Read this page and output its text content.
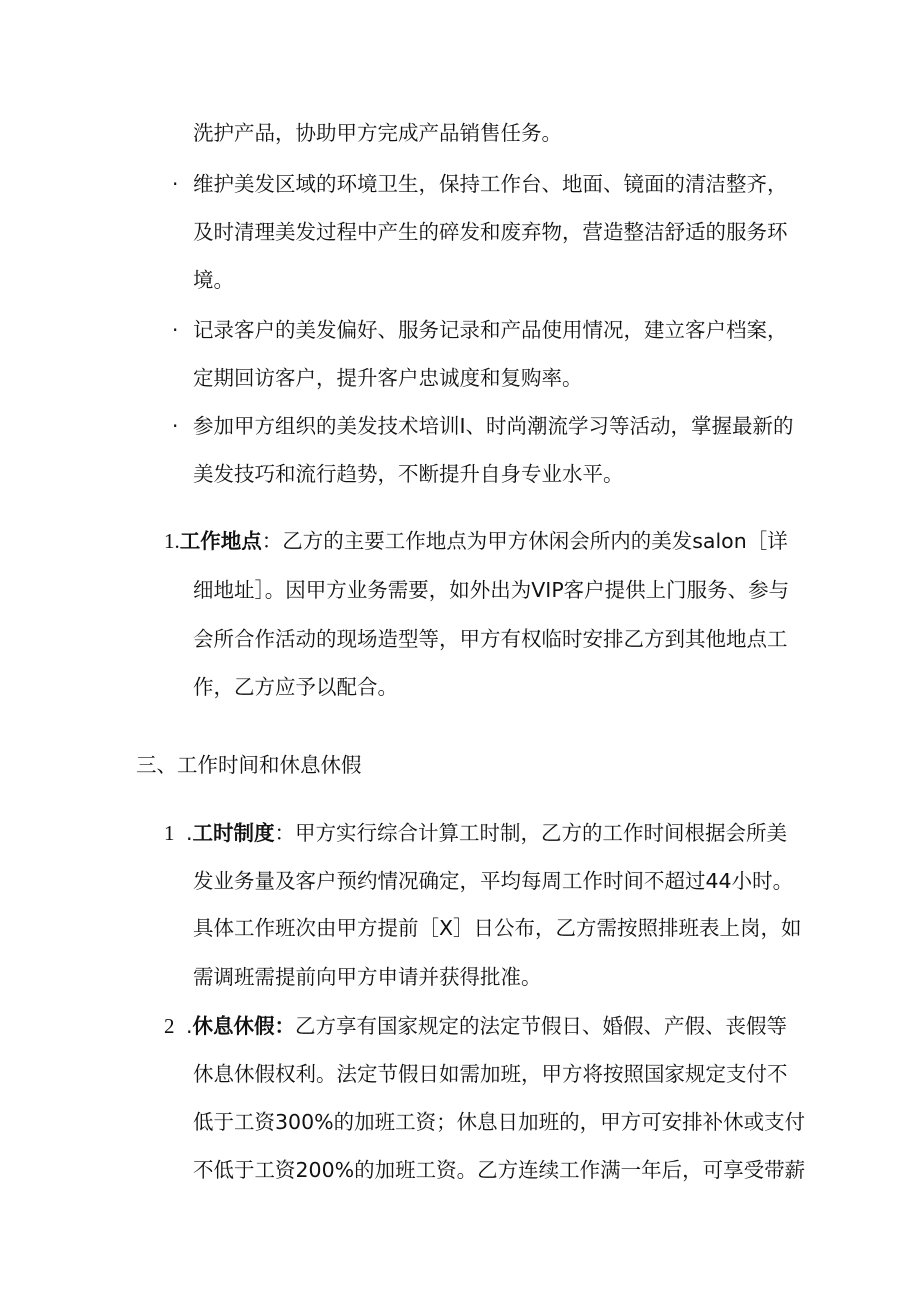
洗护产品，协助甲方完成产品销售任务。

· 维护美发区域的环境卫生，保持工作台、地面、镜面的清洁整齐，

及时清理美发过程中产生的碎发和废弃物，营造整洁舒适的服务环

境。

· 记录客户的美发偏好、服务记录和产品使用情况，建立客户档案，

定期回访客户，提升客户忠诚度和复购率。

· 参加甲方组织的美发技术培训I、时尚潮流学习等活动，掌握最新的

美发技巧和流行趋势，不断提升自身专业水平。

1.工作地点：乙方的主要工作地点为甲方休闲会所内的美发salon［详

细地址］。因甲方业务需要，如外出为VIP客户提供上门服务、参与

会所合作活动的现场造型等，甲方有权临时安排乙方到其他地点工

作，乙方应予以配合。

三、工作时间和休息休假

1 .工时制度：甲方实行综合计算工时制，乙方的工作时间根据会所美

发业务量及客户预约情况确定，平均每周工作时间不超过44小时。

具体工作班次由甲方提前［X］日公布，乙方需按照排班表上岗，如

需调班需提前向甲方申请并获得批准。

2 .休息休假：乙方享有国家规定的法定节假日、婚假、产假、丧假等

休息休假权利。法定节假日如需加班，甲方将按照国家规定支付不

低于工资300%的加班工资；休息日加班的，甲方可安排补休或支付

不低于工资200%的加班工资。乙方连续工作满一年后，可享受带薪
